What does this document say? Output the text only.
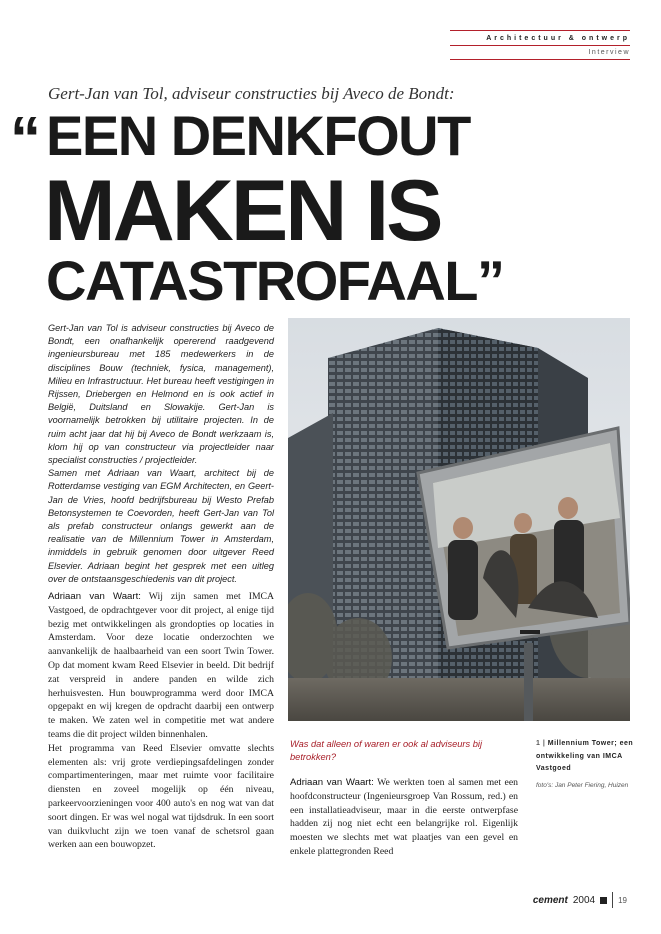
Architectuur & ontwerp
Interview
Gert-Jan van Tol, adviseur constructies bij Aveco de Bondt:
“ EEN DENKFOUT
MAKEN IS
CATASTROFAAL”

Gert-Jan van Tol is adviseur constructies bij Aveco de Bondt, een onafhankelijk opererend raadgevend ingenieursbureau met 185 medewerkers in de disciplines Bouw (techniek, fysica, management), Milieu en Infrastructuur. Het bureau heeft vestigingen in Rijssen, Driebergen en Helmond en is ook actief in België, Duitsland en Slowakije. Gert-Jan is voornamelijk betrokken bij utilitaire projecten. In de ruim acht jaar dat hij bij Aveco de Bondt werkzaam is, klom hij op van constructeur via projectleider naar specialist constructies / projectleider.

Samen met Adriaan van Waart, architect bij de Rotterdamse vestiging van EGM Architecten, en Geert-Jan de Vries, hoofd bedrijfsbureau bij Westo Prefab Betonsystemen te Coevorden, heeft Gert-Jan van Tol als prefab constructeur onlangs gewerkt aan de realisatie van de Millennium Tower in Amsterdam, inmiddels in gebruik genomen door uitgever Reed Elsevier. Adriaan begint het gesprek met een uitleg over de ontstaansgeschiedenis van dit project.

Adriaan van Waart: Wij zijn samen met IMCA Vastgoed, de opdrachtgever voor dit project, al enige tijd bezig met ontwikkelingen als grondopties op locaties in Amsterdam. Voor deze locatie onderzochten we aanvankelijk de haalbaarheid van een soort Twin Tower. Op dat moment kwam Reed Elsevier in beeld. Dit bedrijf zat verspreid in andere panden en wilde zich herhuisvesten. Hun bouwprogramma werd door IMCA opgepakt en wij kregen de opdracht daarbij een ontwerp te maken. We zaten wel in competitie met wat andere teams die dit project wilden binnenhalen.

Het programma van Reed Elsevier omvatte slechts elementen als: vrij grote verdiepingsafdelingen zonder compartimenteringen, maar met ruimte voor facilitaire diensten en zoveel mogelijk op één niveau, parkeervoorzieningen voor 400 auto's en nog wat van dat soort dingen. Er was wel nogal wat tijdsdruk. In een soort van duikvlucht zijn we toen vanaf de schetsrol gaan werken aan een bouwopzet.

Was dat alleen of waren er ook al adviseurs bij betrokken?

Adriaan van Waart: We werkten toen al samen met een hoofdconstructeur (Ingenieursgroep Van Rossum, red.) en een installatieadviseur, maar in die eerste ontwerpfase hadden zij nog niet echt een belangrijke rol. Eigenlijk moesten we slechts met wat plaatjes van een gevel en enkele plattegronden Reed

1 | Millennium Tower; een ontwikkeling van IMCA Vastgoed
foto's: Jan Peter Fiering, Huizen
cement 2004	19
